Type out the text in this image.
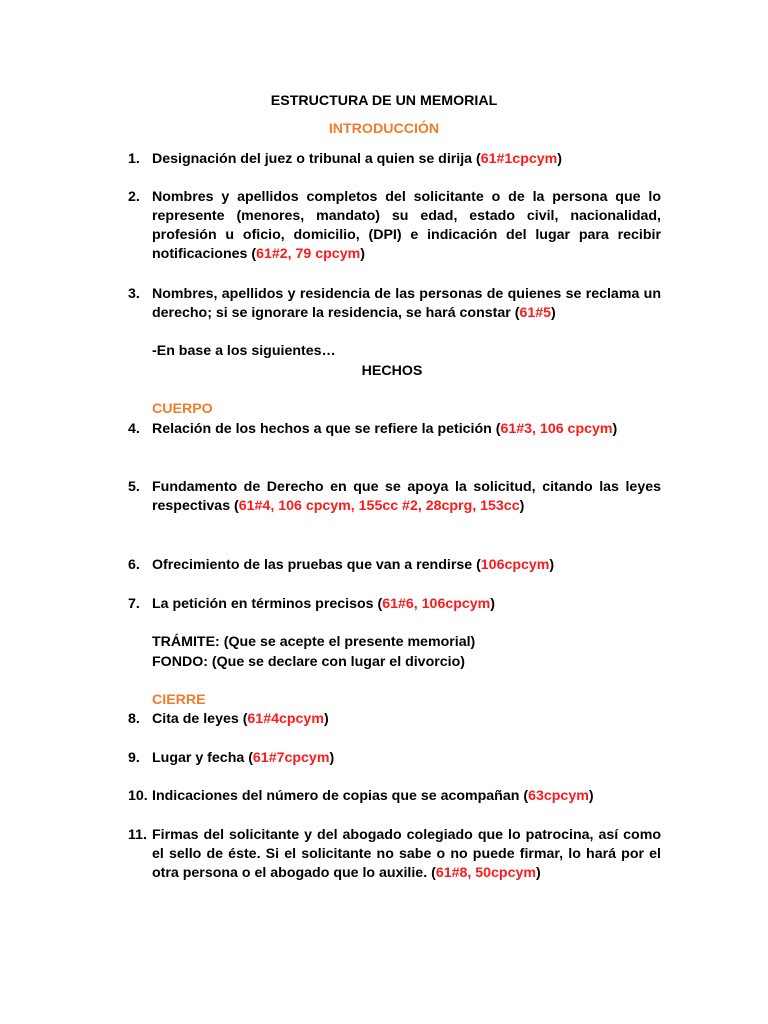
ESTRUCTURA DE UN MEMORIAL
INTRODUCCIÓN
1. Designación del juez o tribunal a quien se dirija (61#1cpcym)
2. Nombres y apellidos completos del solicitante o de la persona que lo represente (menores, mandato) su edad, estado civil, nacionalidad, profesión u oficio, domicilio, (DPI) e indicación del lugar para recibir notificaciones (61#2, 79 cpcym)
3. Nombres, apellidos y residencia de las personas de quienes se reclama un derecho; si se ignorare la residencia, se hará constar (61#5)
-En base a los siguientes…
HECHOS
CUERPO
4. Relación de los hechos a que se refiere la petición (61#3, 106 cpcym)
5. Fundamento de Derecho en que se apoya la solicitud, citando las leyes respectivas (61#4, 106 cpcym, 155cc #2, 28cprg, 153cc)
6. Ofrecimiento de las pruebas que van a rendirse (106cpcym)
7. La petición en términos precisos (61#6, 106cpcym)
TRÁMITE: (Que se acepte el presente memorial)
FONDO: (Que se declare con lugar el divorcio)
CIERRE
8. Cita de leyes (61#4cpcym)
9. Lugar y fecha (61#7cpcym)
10. Indicaciones del número de copias que se acompañan (63cpcym)
11. Firmas del solicitante y del abogado colegiado que lo patrocina, así como el sello de éste. Si el solicitante no sabe o no puede firmar, lo hará por el otra persona o el abogado que lo auxilie. (61#8, 50cpcym)
